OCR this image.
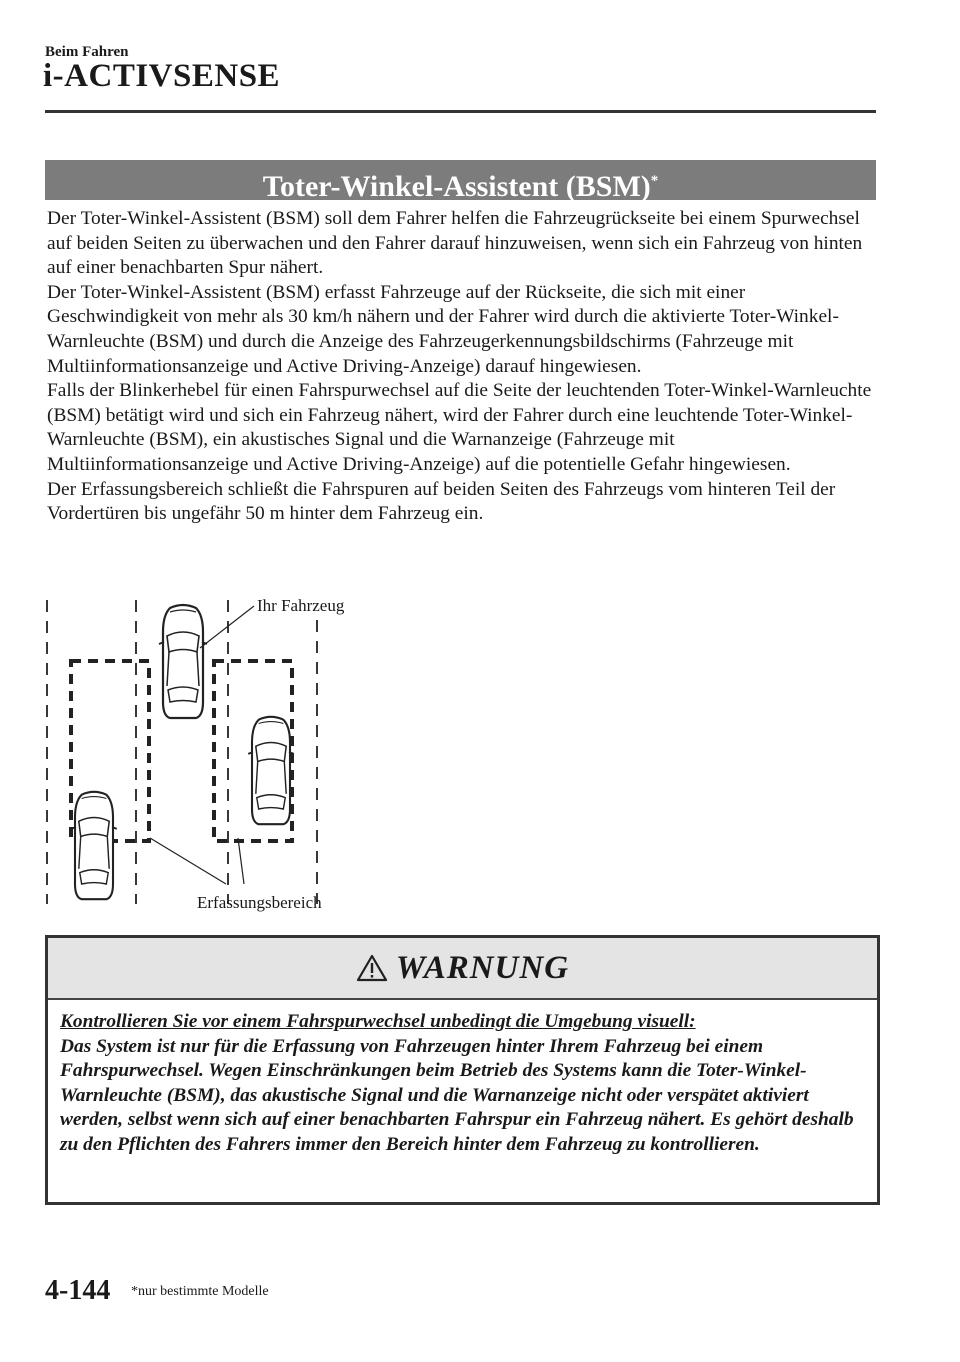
Beim Fahren
i-ACTIVSENSE
Toter-Winkel-Assistent (BSM)*

Der Toter-Winkel-Assistent (BSM) soll dem Fahrer helfen die Fahrzeugrückseite bei einem Spurwechsel auf beiden Seiten zu überwachen und den Fahrer darauf hinzuweisen, wenn sich ein Fahrzeug von hinten auf einer benachbarten Spur nähert.

Der Toter-Winkel-Assistent (BSM) erfasst Fahrzeuge auf der Rückseite, die sich mit einer Geschwindigkeit von mehr als 30 km/h nähern und der Fahrer wird durch die aktivierte Toter-Winkel-Warnleuchte (BSM) und durch die Anzeige des Fahrzeugerkennungsbildschirms (Fahrzeuge mit Multiinformationsanzeige und Active Driving-Anzeige) darauf hingewiesen.

Falls der Blinkerhebel für einen Fahrspurwechsel auf die Seite der leuchtenden Toter-Winkel-Warnleuchte (BSM) betätigt wird und sich ein Fahrzeug nähert, wird der Fahrer durch eine leuchtende Toter-Winkel-Warnleuchte (BSM), ein akustisches Signal und die Warnanzeige (Fahrzeuge mit Multiinformationsanzeige und Active Driving-Anzeige) auf die potentielle Gefahr hingewiesen.

Der Erfassungsbereich schließt die Fahrspuren auf beiden Seiten des Fahrzeugs vom hinteren Teil der Vordertüren bis ungefähr 50 m hinter dem Fahrzeug ein.

Ihr Fahrzeug
Erfassungsbereich
WARNUNG

Kontrollieren Sie vor einem Fahrspurwechsel unbedingt die Umgebung visuell:

Das System ist nur für die Erfassung von Fahrzeugen hinter Ihrem Fahrzeug bei einem Fahrspurwechsel. Wegen Einschränkungen beim Betrieb des Systems kann die Toter-Winkel-Warnleuchte (BSM), das akustische Signal und die Warnanzeige nicht oder verspätet aktiviert werden, selbst wenn sich auf einer benachbarten Fahrspur ein Fahrzeug nähert. Es gehört deshalb zu den Pflichten des Fahrers immer den Bereich hinter dem Fahrzeug zu kontrollieren.

4-144 *nur bestimmte Modelle
